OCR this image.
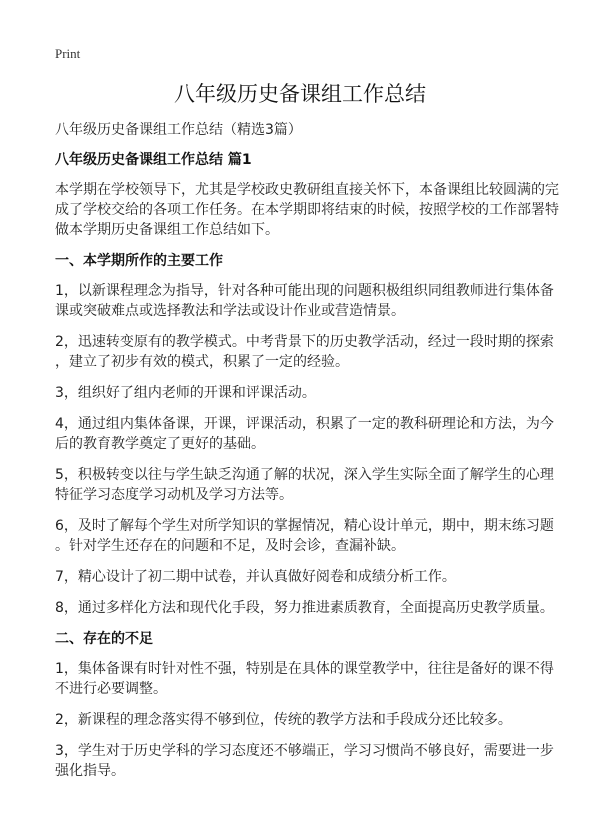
Print
八年级历史备课组工作总结
八年级历史备课组工作总结（精选3篇）
八年级历史备课组工作总结 篇1
本学期在学校领导下，尤其是学校政史教研组直接关怀下，本备课组比较圆满的完
成了学校交给的各项工作任务。在本学期即将结束的时候，按照学校的工作部署特
做本学期历史备课组工作总结如下。
一、本学期所作的主要工作
1，以新课程理念为指导，针对各种可能出现的问题积极组织同组教师进行集体备
课或突破难点或选择教法和学法或设计作业或营造情景。
2，迅速转变原有的教学模式。中考背景下的历史教学活动，经过一段时期的探索
，建立了初步有效的模式，积累了一定的经验。
3，组织好了组内老师的开课和评课活动。
4，通过组内集体备课，开课，评课活动，积累了一定的教科研理论和方法，为今
后的教育教学奠定了更好的基础。
5，积极转变以往与学生缺乏沟通了解的状况，深入学生实际全面了解学生的心理
特征学习态度学习动机及学习方法等。
6，及时了解每个学生对所学知识的掌握情况，精心设计单元，期中，期末练习题
。针对学生还存在的问题和不足，及时会诊，查漏补缺。
7，精心设计了初二期中试卷，并认真做好阅卷和成绩分析工作。
8，通过多样化方法和现代化手段，努力推进素质教育，全面提高历史教学质量。
二、存在的不足
1，集体备课有时针对性不强，特别是在具体的课堂教学中，往往是备好的课不得
不进行必要调整。
2，新课程的理念落实得不够到位，传统的教学方法和手段成分还比较多。
3，学生对于历史学科的学习态度还不够端正，学习习惯尚不够良好，需要进一步
强化指导。
